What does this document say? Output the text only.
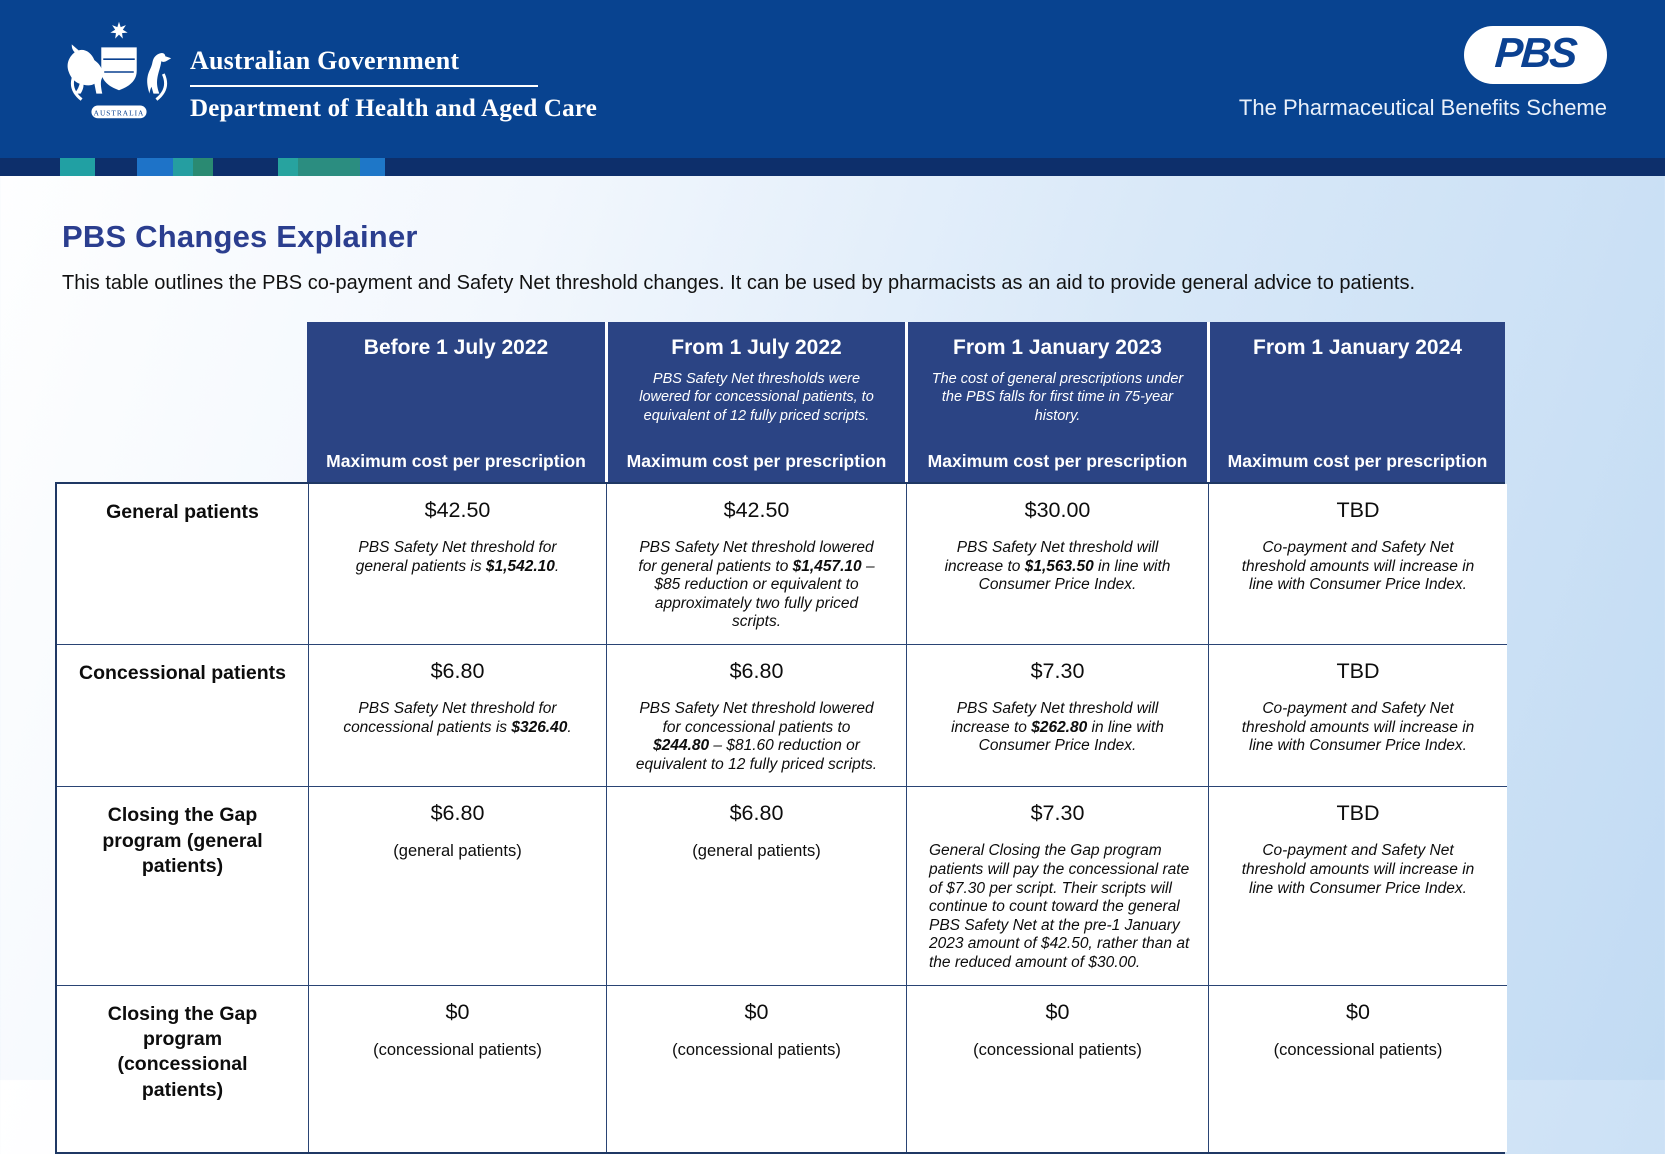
AUSTRALIA
Australian Government
Department of Health and Aged Care
PBS
The Pharmaceutical Benefits Scheme
PBS Changes Explainer
This table outlines the PBS co-payment and Safety Net threshold changes. It can be used by pharmacists as an aid to provide general advice to patients.
Before 1 July 2022
Maximum cost per prescription
From 1 July 2022
PBS Safety Net thresholds were lowered for concessional patients, to equivalent of 12 fully priced scripts.
Maximum cost per prescription
From 1 January 2023
The cost of general prescriptions under the PBS falls for first time in 75-year history.
Maximum cost per prescription
From 1 January 2024
Maximum cost per prescription
General patients	$42.50
PBS Safety Net threshold for general patients is $1,542.10.
$42.50
PBS Safety Net threshold lowered for general patients to $1,457.10 – $85 reduction or equivalent to approximately two fully priced scripts.
$30.00
PBS Safety Net threshold will increase to $1,563.50 in line with Consumer Price Index.
TBD
Co-payment and Safety Net threshold amounts will increase in line with Consumer Price Index.
Concessional patients	$6.80
PBS Safety Net threshold for concessional patients is $326.40.
$6.80
PBS Safety Net threshold lowered for concessional patients to $244.80 – $81.60 reduction or equivalent to 12 fully priced scripts.
$7.30
PBS Safety Net threshold will increase to $262.80 in line with Consumer Price Index.
TBD
Co-payment and Safety Net threshold amounts will increase in line with Consumer Price Index.
Closing the Gap program (general patients)
$6.80
(general patients)
$6.80
(general patients)
$7.30
General Closing the Gap program patients will pay the concessional rate of $7.30 per script. Their scripts will continue to count toward the general PBS Safety Net at the pre-1 January 2023 amount of $42.50, rather than at the reduced amount of $30.00.
TBD
Co-payment and Safety Net threshold amounts will increase in line with Consumer Price Index.
Closing the Gap program (concessional patients)
$0
(concessional patients)
$0
(concessional patients)
$0
(concessional patients)
$0
(concessional patients)
